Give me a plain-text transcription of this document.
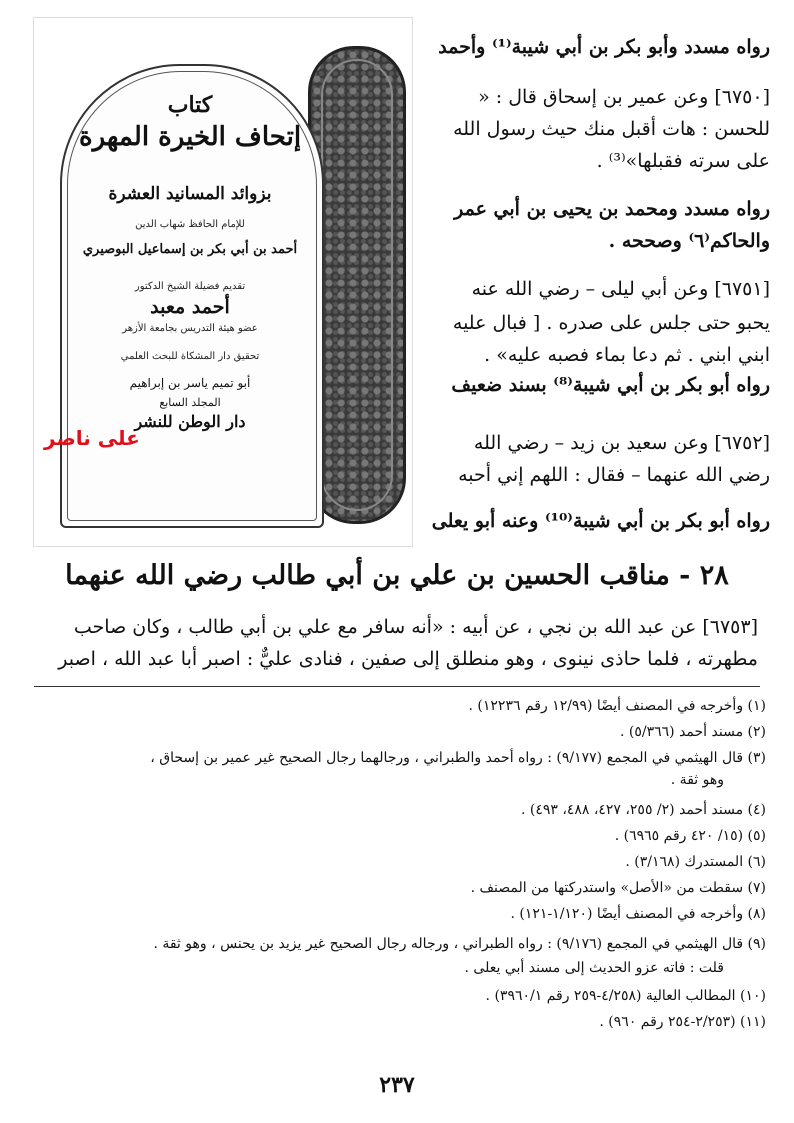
رواه مسدد وأبو بكر بن أبي شيبة⁽¹⁾ وأحمد
[٦٧٥٠] وعن عمير بن إسحاق قال : «
للحسن : هات أقبل منك حيث رسول الله
على سرته فقبلها»⁽³⁾ .
رواه مسدد ومحمد بن يحيى بن أبي عمر
والحاكم⁽٦⁾ وصححه .
[٦٧٥١] وعن أبي ليلى – رضي الله عنه
يحبو حتى جلس على صدره . [ فبال عليه
ابني ابني . ثم دعا بماء فصبه عليه» .
رواه أبو بكر بن أبي شيبة⁽⁸⁾ بسند ضعيف
[٦٧٥٢] وعن سعيد بن زيد – رضي الله
رضي الله عنهما – فقال : اللهم إني أحبه
رواه أبو بكر بن أبي شيبة⁽¹⁰⁾ وعنه أبو يعلى
كتاب
إتحاف الخيرة المهرة
بزوائد المسانيد العشرة
للإمام الحافظ شهاب الدين
أحمد بن أبي بكر بن إسماعيل البوصيري
تقديم فضيلة الشيخ الدكتور
أحمد معبد
عضو هيئة التدريس بجامعة الأزهر
تحقيق دار المشكاة للبحث العلمي
أبو تميم ياسر بن إبراهيم
المجلد السابع
دار الوطن للنشر
على ناصر
٢٨ - مناقب الحسين بن علي بن أبي طالب رضي الله عنهما
[٦٧٥٣] عن عبد الله بن نجي ، عن أبيه : «أنه سافر مع علي بن أبي طالب ، وكان صاحب
مطهرته ، فلما حاذى نينوى ، وهو منطلق إلى صفين ، فنادى عليٌّ : اصبر أبا عبد الله ، اصبر
(١) وأخرجه في المصنف أيضًا (١٢/٩٩ رقم ١٢٢٣٦) .
(٢) مسند أحمد (٥/٣٦٦) .
(٣) قال الهيثمي في المجمع (٩/١٧٧) : رواه أحمد والطبراني ، ورجالهما رجال الصحيح غير عمير بن إسحاق ،
وهو ثقة .
(٤) مسند أحمد (٢/ ٢٥٥، ٤٢٧، ٤٨٨، ٤٩٣) .
(٥) (١٥/ ٤٢٠ رقم ٦٩٦٥) .
(٦) المستدرك (٣/١٦٨) .
(٧) سقطت من «الأصل» واستدركتها من المصنف .
(٨) وأخرجه في المصنف أيضًا (١/١٢٠-١٢١) .
(٩) قال الهيثمي في المجمع (٩/١٧٦) : رواه الطبراني ، ورجاله رجال الصحيح غير يزيد بن يحنس ، وهو ثقة .
قلت : فاته عزو الحديث إلى مسند أبي يعلى .
(١٠) المطالب العالية (٤/٢٥٨-٢٥٩ رقم ٣٩٦٠/١) .
(١١) (٢/٢٥٣-٢٥٤ رقم ٩٦٠) .
٢٣٧
